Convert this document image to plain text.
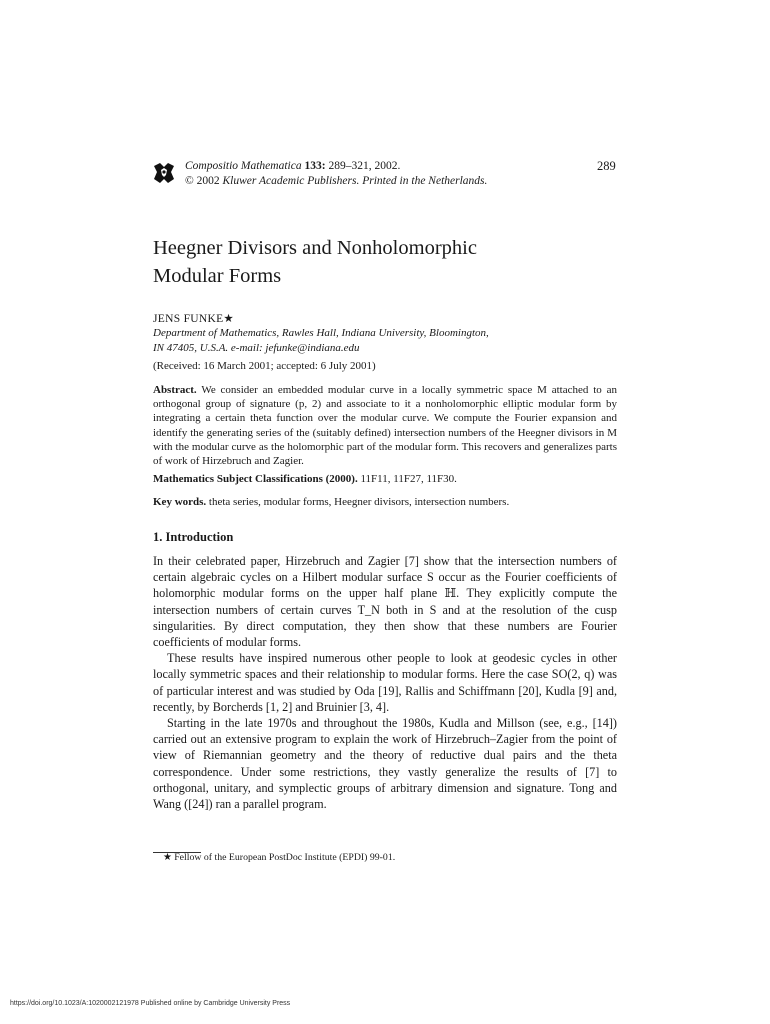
Compositio Mathematica 133: 289–321, 2002.
© 2002 Kluwer Academic Publishers. Printed in the Netherlands.
289
Heegner Divisors and Nonholomorphic
Modular Forms
JENS FUNKE★
Department of Mathematics, Rawles Hall, Indiana University, Bloomington,
IN 47405, U.S.A. e-mail: jefunke@indiana.edu
(Received: 16 March 2001; accepted: 6 July 2001)
Abstract. We consider an embedded modular curve in a locally symmetric space M attached to an orthogonal group of signature (p, 2) and associate to it a nonholomorphic elliptic modular form by integrating a certain theta function over the modular curve. We compute the Fourier expansion and identify the generating series of the (suitably defined) intersection numbers of the Heegner divisors in M with the modular curve as the holomorphic part of the modular form. This recovers and generalizes parts of work of Hirzebruch and Zagier.
Mathematics Subject Classifications (2000). 11F11, 11F27, 11F30.
Key words. theta series, modular forms, Heegner divisors, intersection numbers.
1. Introduction

In their celebrated paper, Hirzebruch and Zagier [7] show that the intersection numbers of certain algebraic cycles on a Hilbert modular surface S occur as the Fourier coefficients of holomorphic modular forms on the upper half plane ℍ. They explicitly compute the intersection numbers of certain curves T_N both in S and at the resolution of the cusp singularities. By direct computation, they then show that these numbers are Fourier coefficients of modular forms.

These results have inspired numerous other people to look at geodesic cycles in other locally symmetric spaces and their relationship to modular forms. Here the case SO(2, q) was of particular interest and was studied by Oda [19], Rallis and Schiffmann [20], Kudla [9] and, recently, by Borcherds [1, 2] and Bruinier [3, 4].

Starting in the late 1970s and throughout the 1980s, Kudla and Millson (see, e.g., [14]) carried out an extensive program to explain the work of Hirzebruch–Zagier from the point of view of Riemannian geometry and the theory of reductive dual pairs and the theta correspondence. Under some restrictions, they vastly generalize the results of [7] to orthogonal, unitary, and symplectic groups of arbitrary dimension and signature. Tong and Wang ([24]) ran a parallel program.

★ Fellow of the European PostDoc Institute (EPDI) 99-01.
https://doi.org/10.1023/A:1020002121978 Published online by Cambridge University Press
